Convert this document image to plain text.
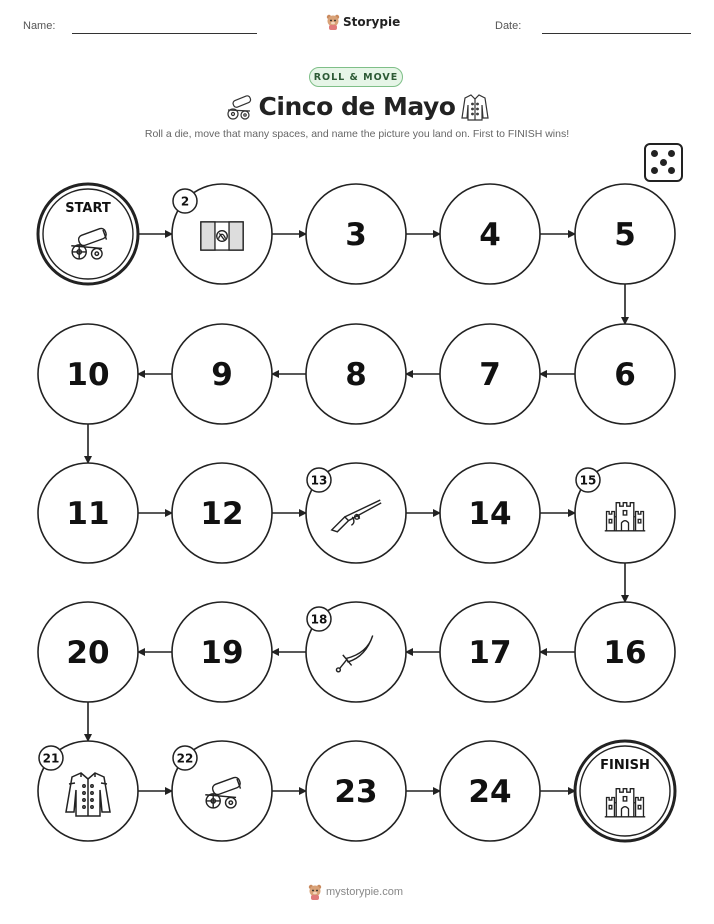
Name:	Storypie	Date:
ROLL & MOVE
Cinco de Mayo
Roll a die, move that many spaces, and name the picture you land on. First to FINISH wins!
START	2
3	4	5
6
7
8
9
10
11	12
13
14
15
16
17
18
19
20
21	22
23	24
FINISH
mystorypie.com
